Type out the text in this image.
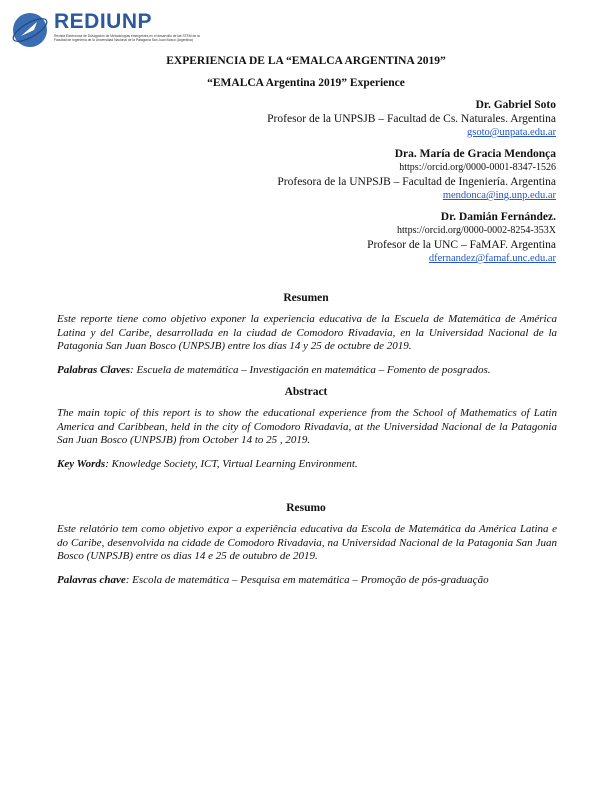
REDIUNP
Revista Electrónica de Divulgación de Metodologías emergentes en el desarrollo de las STEM de la Facultad de Ingeniería de la Universidad Nacional de la Patagonia San Juan Bosco (Argentina)
EXPERIENCIA DE LA “EMALCA ARGENTINA 2019”
“EMALCA Argentina 2019” Experience
Dr. Gabriel Soto
Profesor de la UNPSJB – Facultad de Cs. Naturales. Argentina
gsoto@unpata.edu.ar
Dra. María de Gracia Mendonça
https://orcid.org/0000-0001-8347-1526
Profesora de la UNPSJB – Facultad de Ingeniería. Argentina
mendonca@ing.unp.edu.ar
Dr. Damián Fernández.
https://orcid.org/0000-0002-8254-353X
Profesor de la UNC – FaMAF. Argentina
dfernandez@famaf.unc.edu.ar
Resumen
Este reporte tiene como objetivo exponer la experiencia educativa de la Escuela de Matemática de América Latina y del Caribe, desarrollada en la ciudad de Comodoro Rivadavia, en la Universidad Nacional de la Patagonia San Juan Bosco (UNPSJB) entre los días 14 y 25 de octubre de 2019.
Palabras Claves: Escuela de matemática – Investigación en matemática – Fomento de posgrados.
Abstract
The main topic of this report is to show the educational experience from the School of Mathematics of Latin America and Caribbean, held in the city of Comodoro Rivadavia, at the Universidad Nacional de la Patagonia San Juan Bosco (UNPSJB) from October 14 to 25 , 2019.
Key Words: Knowledge Society, ICT, Virtual Learning Environment.
Resumo
Este relatório tem como objetivo expor a experiência educativa da Escola de Matemática da América Latina e do Caribe, desenvolvida na cidade de Comodoro Rivadavia, na Universidad Nacional de la Patagonia San Juan Bosco (UNPSJB) entre os dias 14 e 25 de outubro de 2019.
Palavras chave: Escola de matemática – Pesquisa em matemática – Promoção de pós-graduação
